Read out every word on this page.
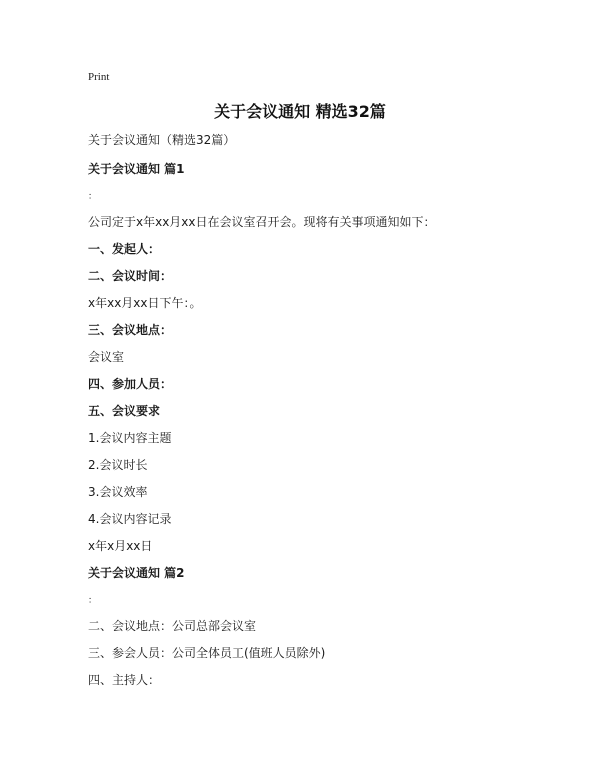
Print
关于会议通知 精选32篇
关于会议通知（精选32篇）
关于会议通知 篇1
：
公司定于x年xx月xx日在会议室召开会。现将有关事项通知如下：
一、发起人：
二、会议时间：
x年xx月xx日下午：。
三、会议地点：
会议室
四、参加人员：
五、会议要求
1.会议内容主题
2.会议时长
3.会议效率
4.会议内容记录
x年x月xx日
关于会议通知 篇2
：
二、会议地点：公司总部会议室
三、参会人员：公司全体员工(值班人员除外)
四、主持人：
